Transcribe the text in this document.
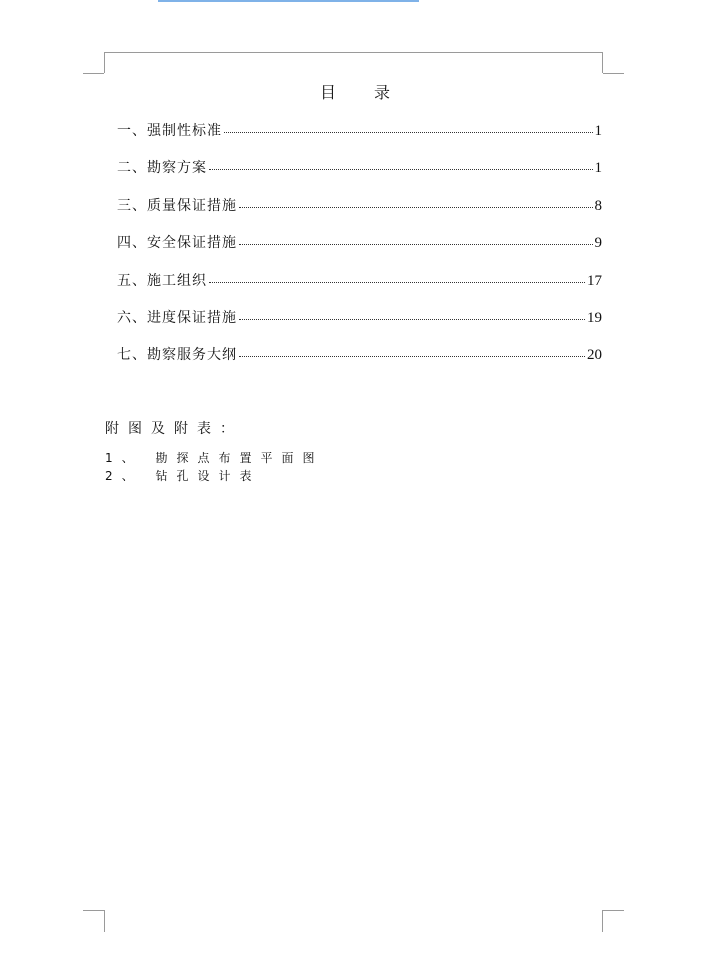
目 录
一、强制性标准	1
二、勘察方案	1
三、质量保证措施	8
四、安全保证措施	9
五、施工组织	17
六、进度保证措施	19
七、勘察服务大纲	20
附图及附表：
1、 勘探点布置平面图
2、 钻孔设计表
